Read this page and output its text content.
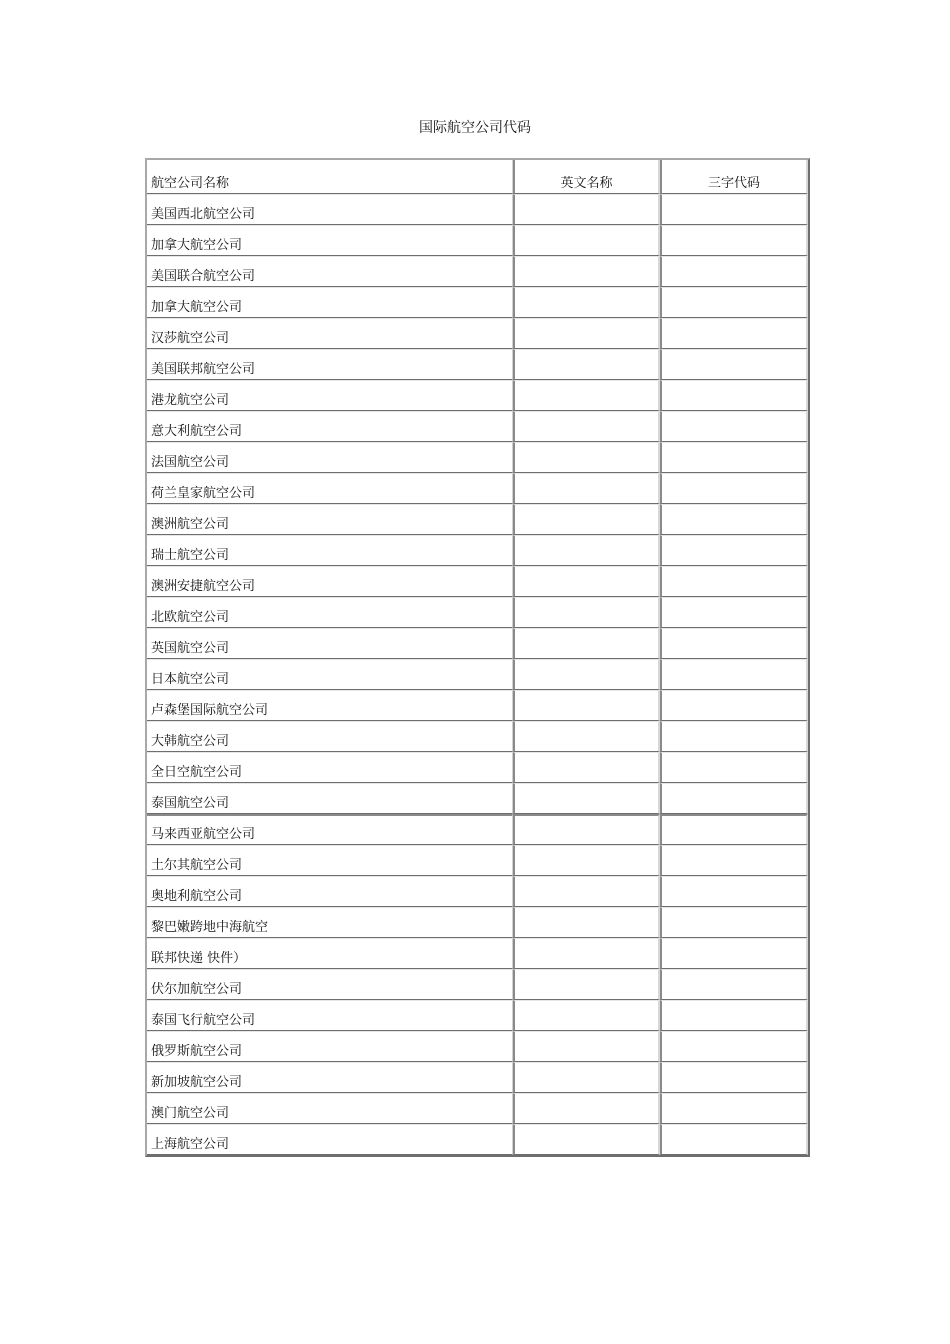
国际航空公司代码
航空公司名称	英文名称	三字代码
美国西北航空公司		
加拿大航空公司		
美国联合航空公司		
加拿大航空公司		
汉莎航空公司		
美国联邦航空公司		
港龙航空公司		
意大利航空公司		
法国航空公司		
荷兰皇家航空公司		
澳洲航空公司		
瑞士航空公司		
澳洲安捷航空公司		
北欧航空公司		
英国航空公司		
日本航空公司		
卢森堡国际航空公司		
大韩航空公司		
全日空航空公司		
泰国航空公司		
马来西亚航空公司		
土尔其航空公司		
奥地利航空公司		
黎巴嫩跨地中海航空		
联邦快递 快件）		
伏尔加航空公司		
泰国飞行航空公司		
俄罗斯航空公司		
新加坡航空公司		
澳门航空公司		
上海航空公司		
